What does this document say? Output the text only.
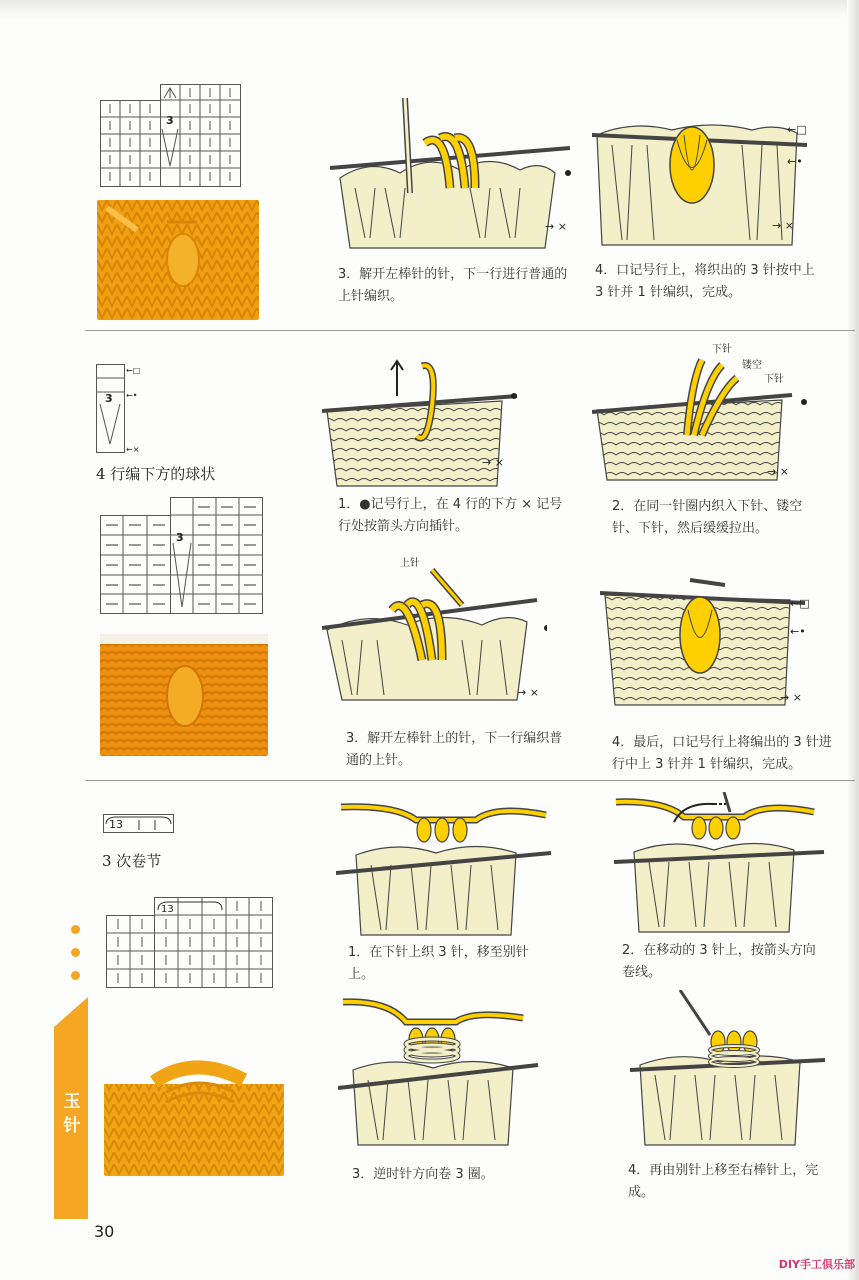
3
→ ×
3．解开左棒针的针，下一行进行普通的上针编织。
←□
←•
→ ×
4．口记号行上，将织出的 3 针按中上 3 针并 1 针编织，完成。
3
←□
←•
←×
4 行编下方的球状
3
→ ×
1．●记号行上，在 4 行的下方 × 记号行处按箭头方向插针。
下针
镂空
下针
→ ×
2．在同一针圈内织入下针、镂空针、下针，然后缓缓拉出。
上针
→ ×
3．解开左棒针上的针，下一行编织普通的上针。
←□
←•
→ ×
4．最后，口记号行上将编出的 3 针进行中上 3 针并 1 针编织，完成。
13
3 次卷节
13
1．在下针上织 3 针，移至别针上。
2．在移动的 3 针上，按箭头方向卷线。
3．逆时针方向卷 3 圈。	4．再由别针上移至右棒针上，完成。
玉针
30
DIY手工俱乐部
